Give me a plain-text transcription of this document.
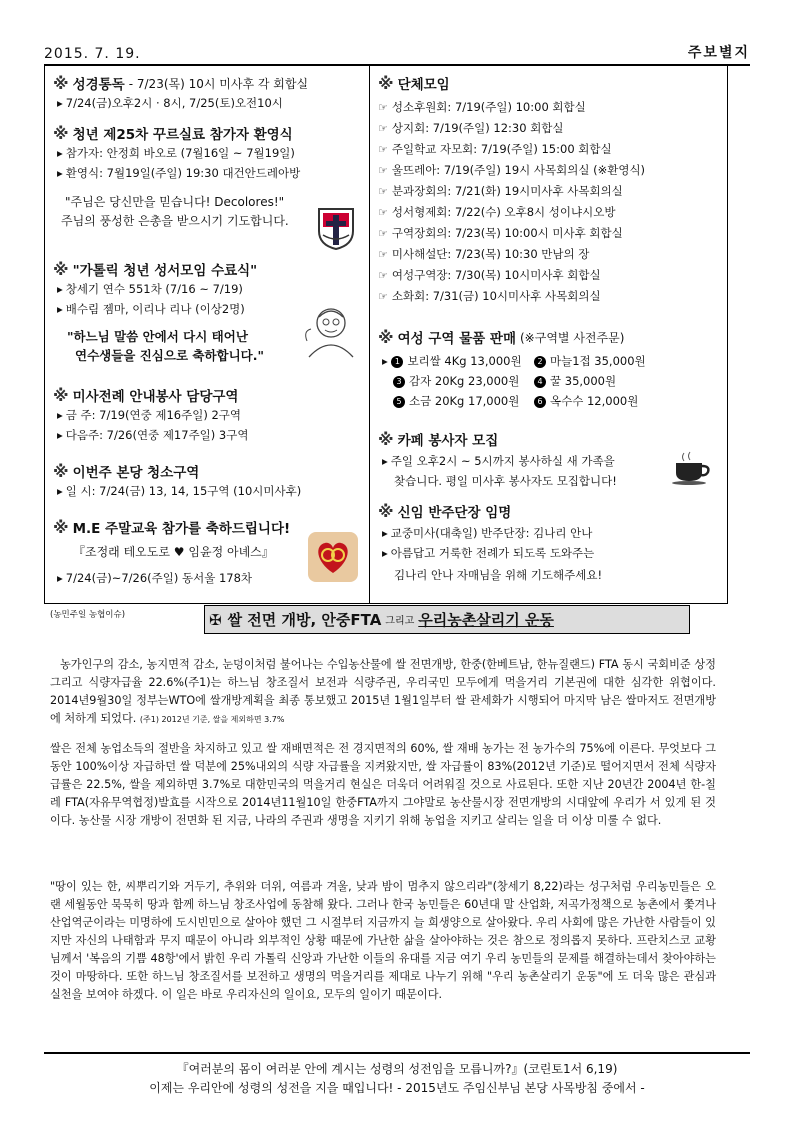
2015. 7. 19.	주보별지
※ 성경통독 - 7/23(목) 10시 미사후 각 회합실
▸ 7/24(금)오후2시 · 8시, 7/25(토)오전10시
※ 청년 제25차 꾸르실료 참가자 환영식
▸ 참가자: 안정희 바오로 (7월16일 ~ 7월19일)
▸ 환영식: 7월19일(주일) 19:30 대건안드레아방
"주님은 당신만을 믿습니다! Decolores!"
주님의 풍성한 은총을 받으시기 기도합니다.
※ "가톨릭 청년 성서모임 수료식"
▸ 창세기 연수 551차 (7/16 ~ 7/19)
▸ 배수림 젬마, 이리나 리나 (이상2명)
"하느님 말씀 안에서 다시 태어난
연수생들을 진심으로 축하합니다."
※ 미사전례 안내봉사 담당구역
▸ 금 주: 7/19(연중 제16주일) 2구역
▸ 다음주: 7/26(연중 제17주일) 3구역
※ 이번주 본당 청소구역
▸ 일 시: 7/24(금) 13, 14, 15구역 (10시미사후)
※ M.E 주말교육 참가를 축하드립니다!
『조정래 테오도로 ♥ 임윤정 아녜스』
▸ 7/24(금)~7/26(주일) 동서울 178차
※ 단체모임
☞ 성소후원회: 7/19(주일) 10:00 회합실
☞ 상지회: 7/19(주일) 12:30 회합실
☞ 주일학교 자모회: 7/19(주일) 15:00 회합실
☞ 울뜨레아: 7/19(주일) 19시 사목회의실 (※환영식)
☞ 분과장회의: 7/21(화) 19시미사후 사목회의실
☞ 성서형제회: 7/22(수) 오후8시 성이냐시오방
☞ 구역장회의: 7/23(목) 10:00시 미사후 회합실
☞ 미사해설단: 7/23(목) 10:30 만남의 장
☞ 여성구역장: 7/30(목) 10시미사후 회합실
☞ 소화회: 7/31(금) 10시미사후 사목회의실
※ 여성 구역 물품 판매 (※구역별 사전주문)
▸ 1 보리쌀 4Kg 13,000원	2 마늘1접 35,000원
3 감자 20Kg 23,000원	4 꿀 35,000원
5 소금 20Kg 17,000원	6 옥수수 12,000원
※ 카페 봉사자 모집
▸ 주일 오후2시 ~ 5시까지 봉사하실 새 가족을
찾습니다. 평일 미사후 봉사자도 모집합니다!
※ 신임 반주단장 임명
▸ 교중미사(대축일) 반주단장: 김나리 안나
▸ 아름답고 거룩한 전례가 되도록 도와주는
김나리 안나 자매님을 위해 기도해주세요!
(농민주일 농협이슈)	✠ 쌀 전면 개방, 안중FTA 그리고 우리농촌살리기 운동
농가인구의 감소, 농지면적 감소, 눈덩이처럼 불어나는 수입농산물에 쌀 전면개방, 한중(한베트남, 한뉴질랜드) FTA 동시 국회비준 상정 그리고 식량자급율 22.6%(주1)는 하느님 창조질서 보전과 식량주권, 우리국민 모두에게 먹을거리 기본권에 대한 심각한 위협이다. 2014년9월30일 정부는WTO에 쌀개방계획을 최종 통보했고 2015년 1월1일부터 쌀 관세화가 시행되어 마지막 남은 쌀마저도 전면개방에 처하게 되었다. (주1) 2012년 기준, 쌀을 제외하면 3.7%
쌀은 전체 농업소득의 절반을 차지하고 있고 쌀 재배면적은 전 경지면적의 60%, 쌀 재배 농가는 전 농가수의 75%에 이른다. 무엇보다 그동안 100%이상 자급하던 쌀 덕분에 25%내외의 식량 자급률을 지켜왔지만, 쌀 자급률이 83%(2012년 기준)로 떨어지면서 전체 식량자급률은 22.5%, 쌀을 제외하면 3.7%로 대한민국의 먹을거리 현실은 더욱더 어려워질 것으로 사료된다. 또한 지난 20년간 2004년 한-칠레 FTA(자유무역협정)발효를 시작으로 2014년11월10일 한중FTA까지 그야말로 농산물시장 전면개방의 시대앞에 우리가 서 있게 된 것이다. 농산물 시장 개방이 전면화 된 지금, 나라의 주권과 생명을 지키기 위해 농업을 지키고 살리는 일을 더 이상 미룰 수 없다.
"땅이 있는 한, 씨뿌리기와 거두기, 추위와 더위, 여름과 겨울, 낮과 밤이 멈추지 않으리라"(창세기 8,22)라는 성구처럼 우리농민들은 오랜 세월동안 묵묵히 땅과 함께 하느님 창조사업에 동참해 왔다. 그러나 한국 농민들은 60년대 말 산업화, 저곡가정책으로 농촌에서 쫓겨나 산업역군이라는 미명하에 도시빈민으로 살아야 했던 그 시절부터 지금까지 늘 희생양으로 살아왔다. 우리 사회에 많은 가난한 사람들이 있지만 자신의 나태함과 무지 때문이 아니라 외부적인 상황 때문에 가난한 삶을 살아야하는 것은 참으로 정의롭지 못하다. 프란치스코 교황님께서 '복음의 기쁨 48항'에서 밝힌 우리 가톨릭 신앙과 가난한 이들의 유대를 지금 여기 우리 농민들의 문제를 해결하는데서 찾아야하는 것이 마땅하다. 또한 하느님 창조질서를 보전하고 생명의 먹을거리를 제대로 나누기 위해 "우리 농촌살리기 운동"에 도 더욱 많은 관심과 실천을 보여야 하겠다. 이 일은 바로 우리자신의 일이요, 모두의 일이기 때문이다.
『여러분의 몸이 여러분 안에 계시는 성령의 성전임을 모릅니까?』(코린토1서 6,19)
이제는 우리안에 성령의 성전을 지을 때입니다! - 2015년도 주임신부님 본당 사목방침 중에서 -
